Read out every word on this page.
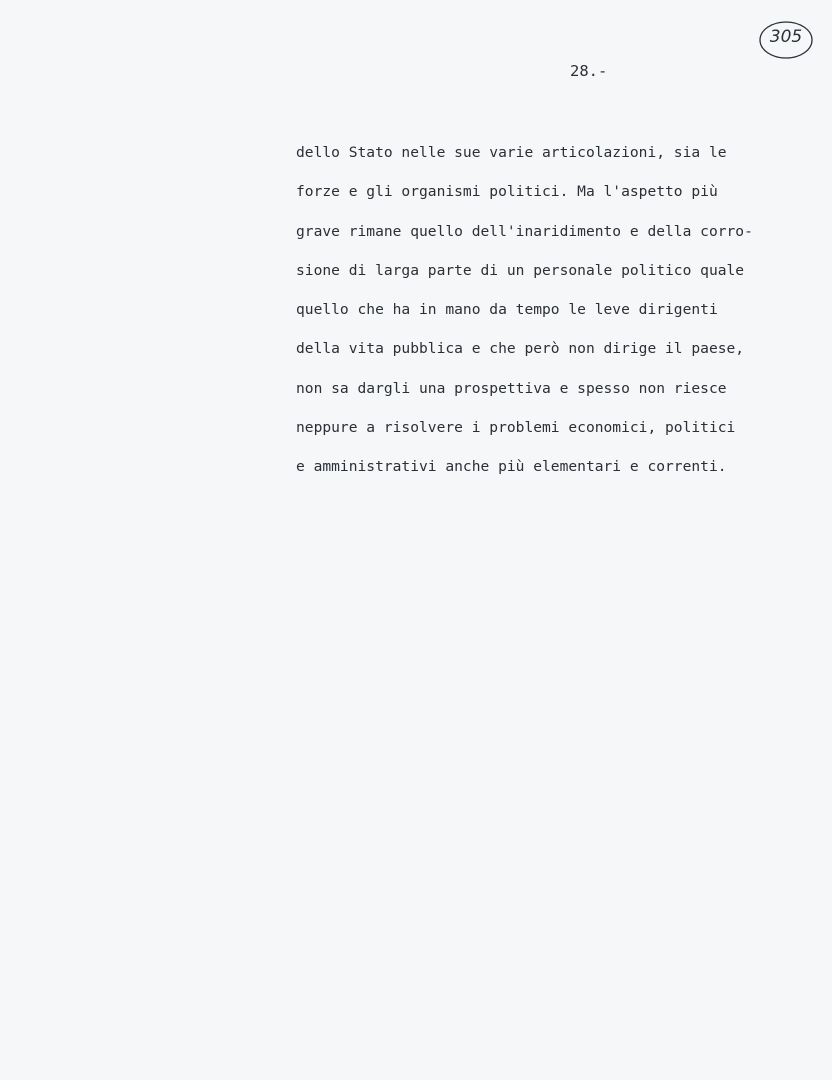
305
28.-
dello Stato nelle sue varie articolazioni, sia le
forze e gli organismi politici. Ma l'aspetto più
grave rimane quello dell'inaridimento e della corro-
sione di larga parte di un personale politico quale
quello che ha in mano da tempo le leve dirigenti
della vita pubblica e che però non dirige il paese,
non sa dargli una prospettiva e spesso non riesce
neppure a risolvere i problemi economici, politici
e amministrativi anche più elementari e correnti.
